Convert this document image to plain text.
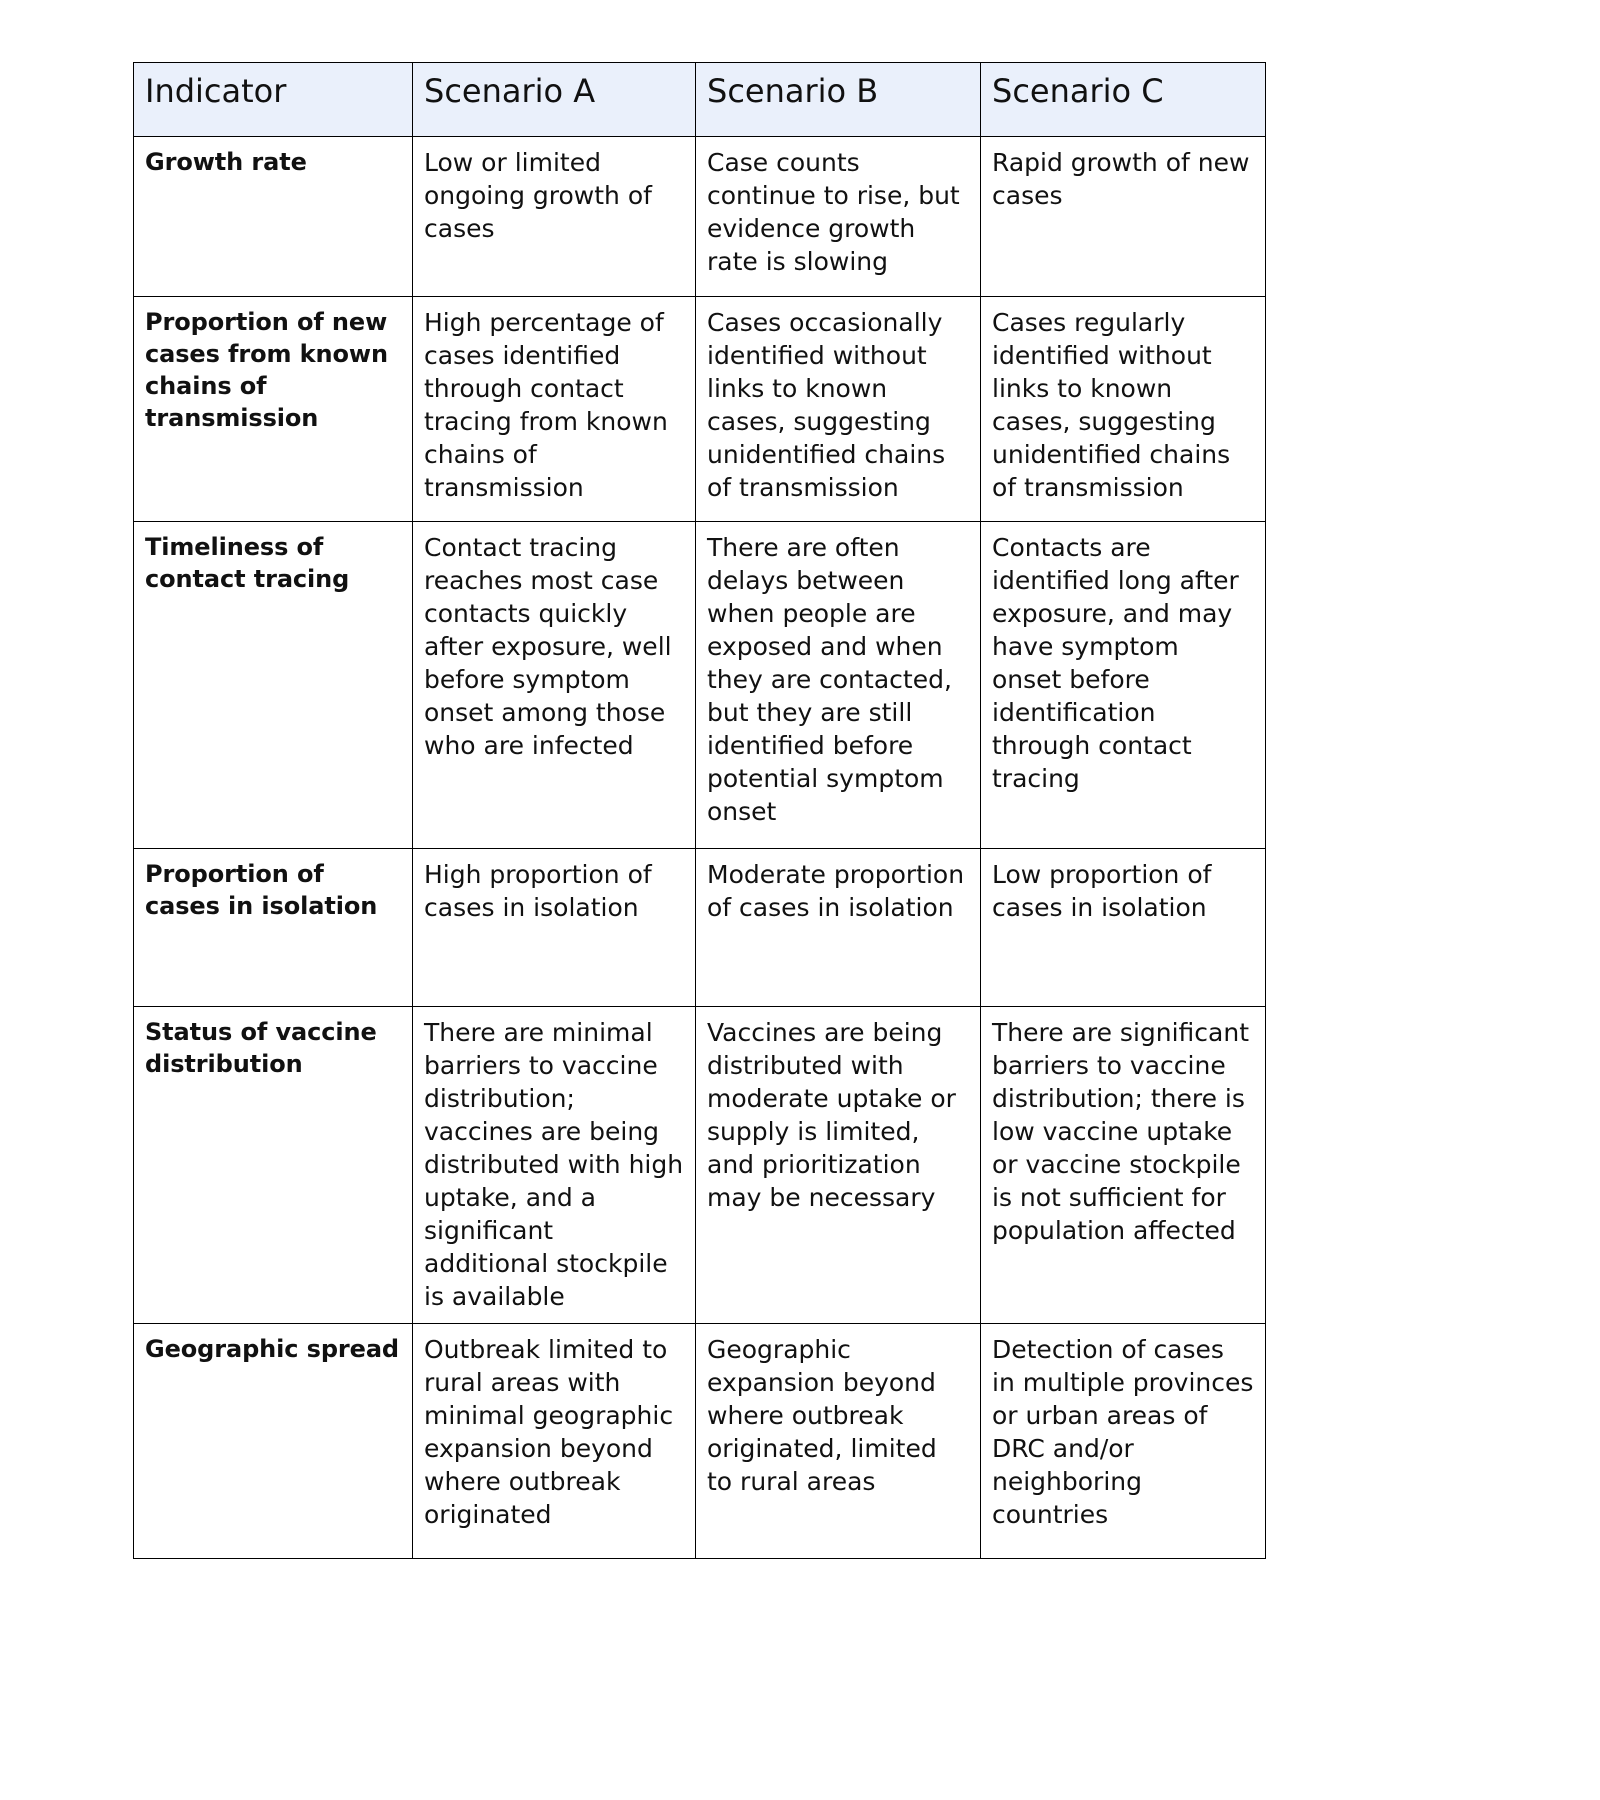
Indicator	Scenario A	Scenario B	Scenario C
Growth rate	Low or limited ongoing growth of cases	Case counts continue to rise, but evidence growth rate is slowing	Rapid growth of new cases
Proportion of new cases from known chains of transmission	High percentage of cases identified through contact tracing from known chains of transmission	Cases occasionally identified without links to known cases, suggesting unidentified chains of transmission	Cases regularly identified without links to known cases, suggesting unidentified chains of transmission
Timeliness of contact tracing	Contact tracing reaches most case contacts quickly after exposure, well before symptom onset among those who are infected	There are often delays between when people are exposed and when they are contacted, but they are still identified before potential symptom onset	Contacts are identified long after exposure, and may have symptom onset before identification through contact tracing
Proportion of cases in isolation	High proportion of cases in isolation	Moderate proportion of cases in isolation	Low proportion of cases in isolation
Status of vaccine distribution	There are minimal barriers to vaccine distribution; vaccines are being distributed with high uptake, and a significant additional stockpile is available	Vaccines are being distributed with moderate uptake or supply is limited, and prioritization may be necessary	There are significant barriers to vaccine distribution; there is low vaccine uptake or vaccine stockpile is not sufficient for population affected
Geographic spread	Outbreak limited to rural areas with minimal geographic expansion beyond where outbreak originated	Geographic expansion beyond where outbreak originated, limited to rural areas	Detection of cases in multiple provinces or urban areas of DRC and/or neighboring countries
